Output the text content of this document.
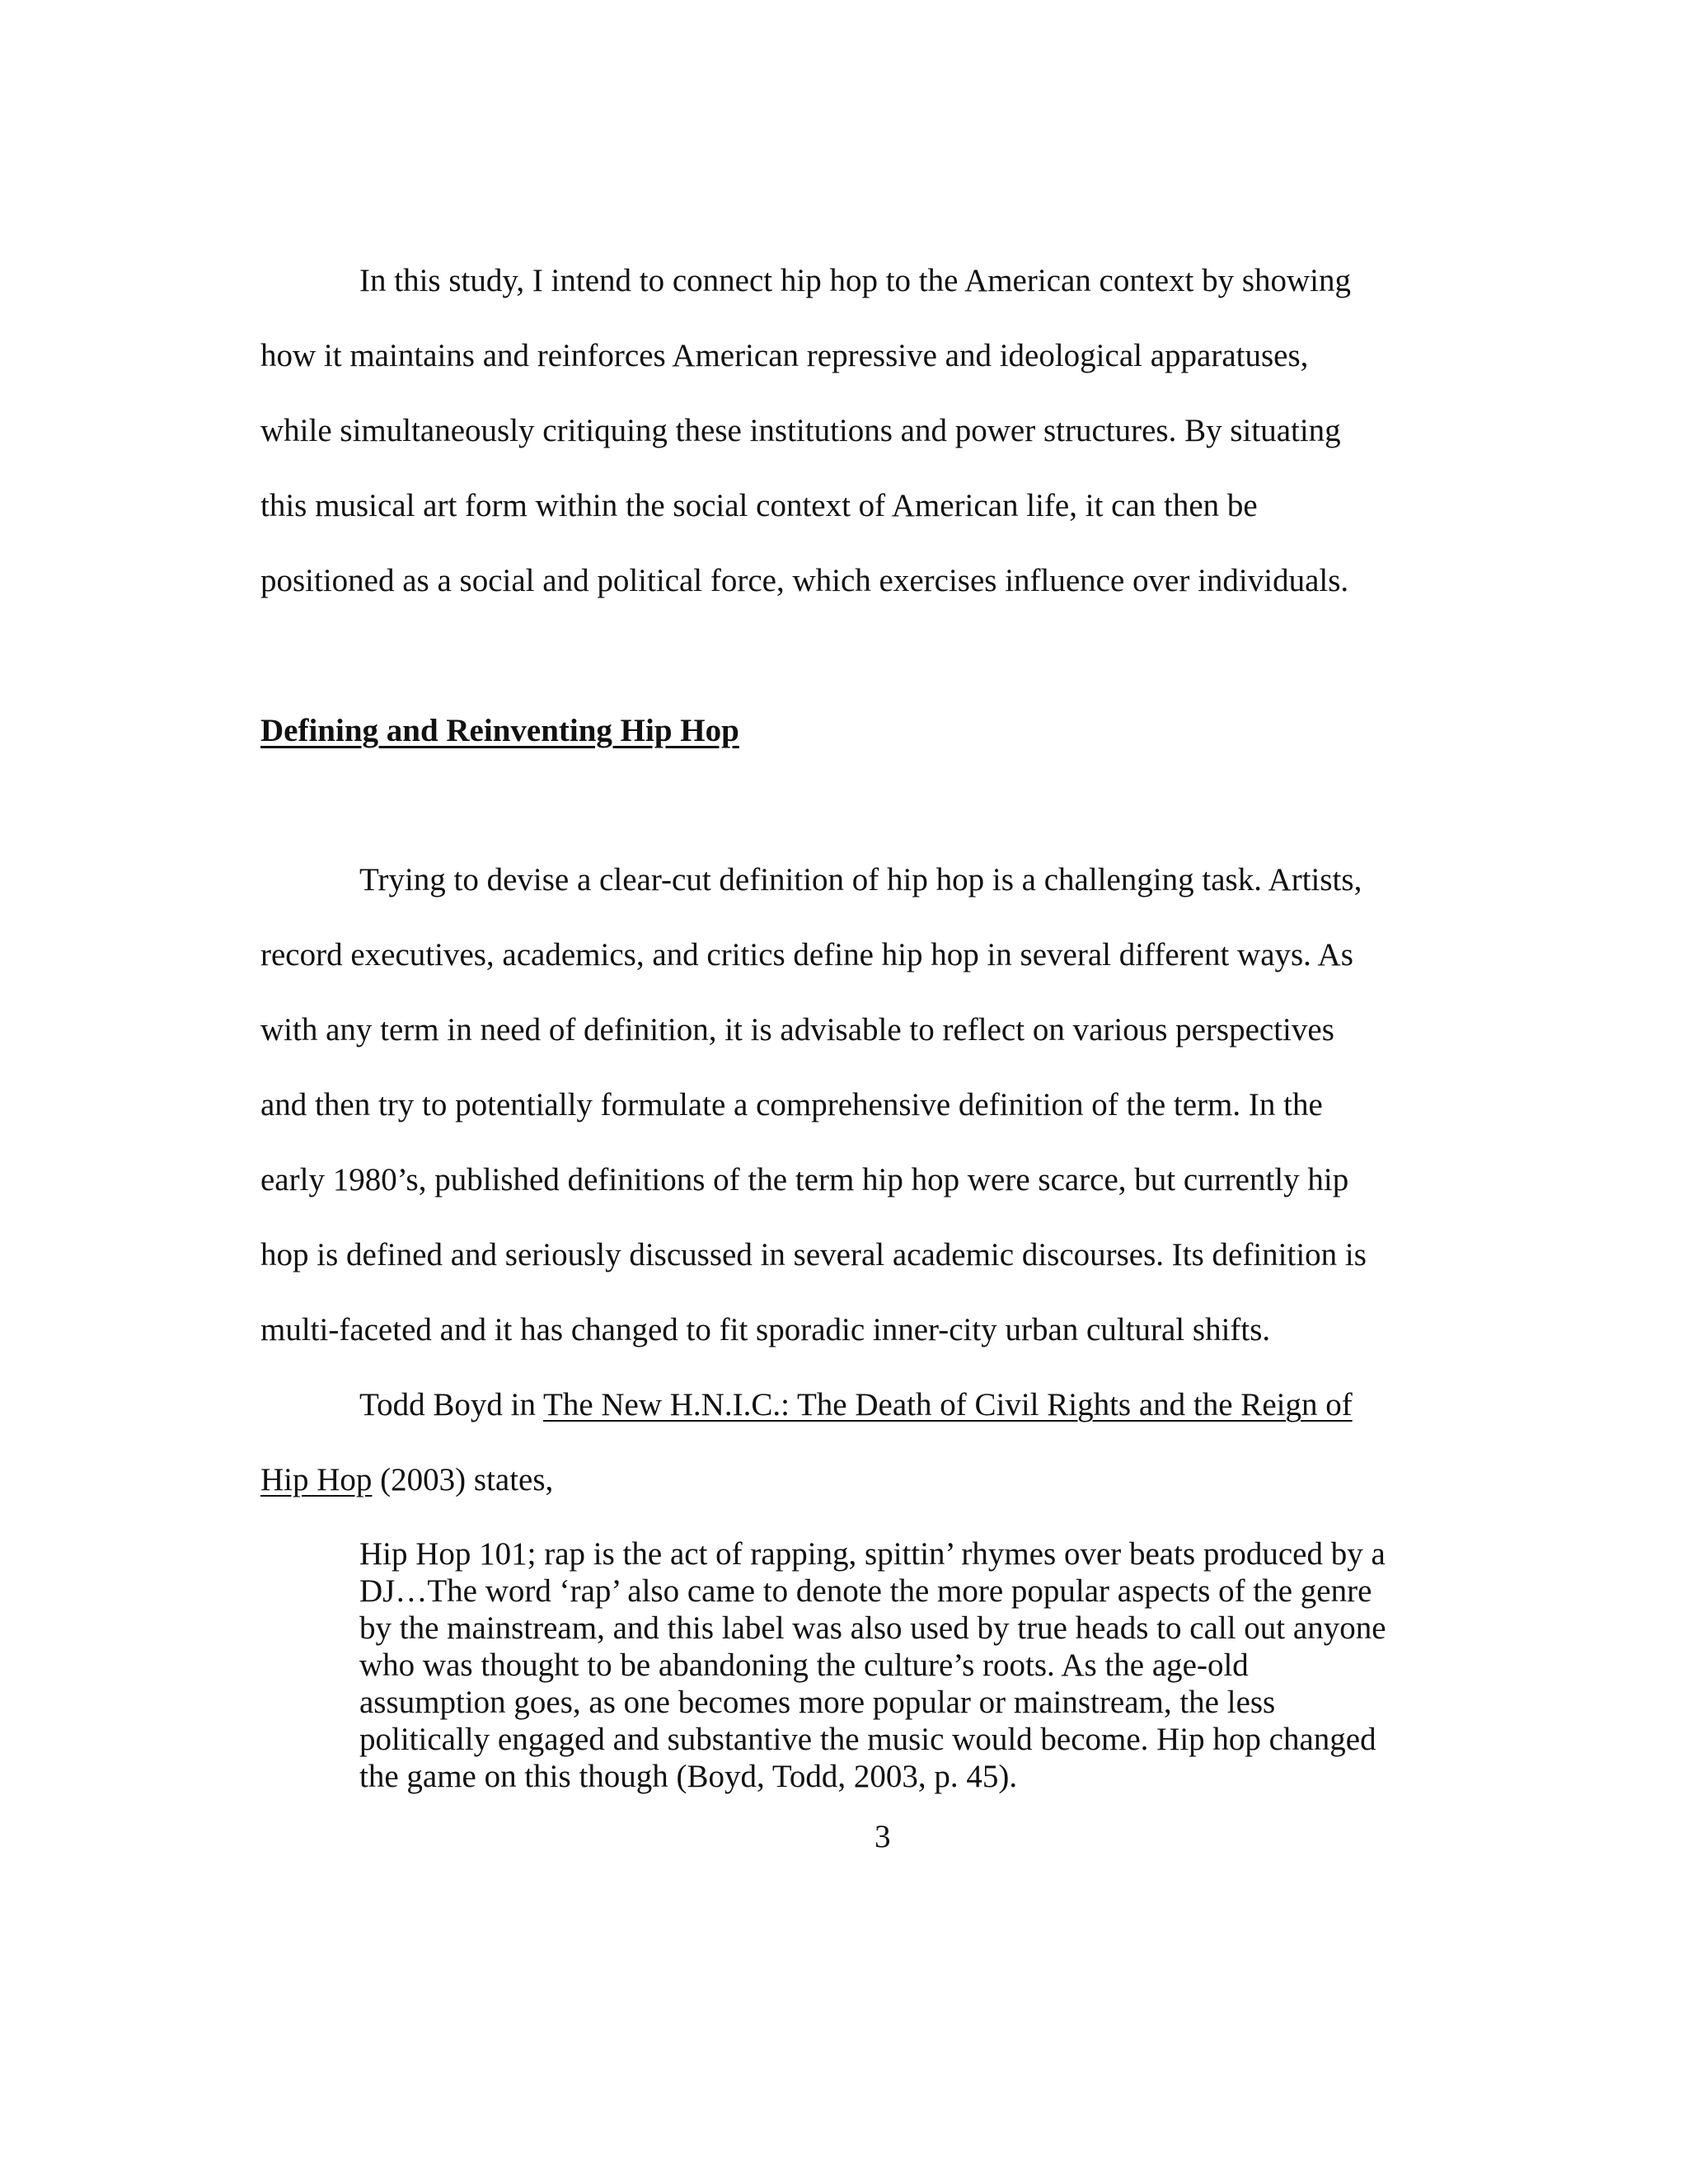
In this study, I intend to connect hip hop to the American context by showing
how it maintains and reinforces American repressive and ideological apparatuses,
while simultaneously critiquing these institutions and power structures. By situating
this musical art form within the social context of American life, it can then be
positioned as a social and political force, which exercises influence over individuals.
Defining and Reinventing Hip Hop
Trying to devise a clear-cut definition of hip hop is a challenging task. Artists,
record executives, academics, and critics define hip hop in several different ways. As
with any term in need of definition, it is advisable to reflect on various perspectives
and then try to potentially formulate a comprehensive definition of the term. In the
early 1980’s, published definitions of the term hip hop were scarce, but currently hip
hop is defined and seriously discussed in several academic discourses. Its definition is
multi-faceted and it has changed to fit sporadic inner-city urban cultural shifts.
Todd Boyd in The New H.N.I.C.: The Death of Civil Rights and the Reign of
Hip Hop (2003) states,
Hip Hop 101; rap is the act of rapping, spittin’ rhymes over beats produced by a
DJ…The word ‘rap’ also came to denote the more popular aspects of the genre
by the mainstream, and this label was also used by true heads to call out anyone
who was thought to be abandoning the culture’s roots. As the age-old
assumption goes, as one becomes more popular or mainstream, the less
politically engaged and substantive the music would become. Hip hop changed
the game on this though (Boyd, Todd, 2003, p. 45).
3
